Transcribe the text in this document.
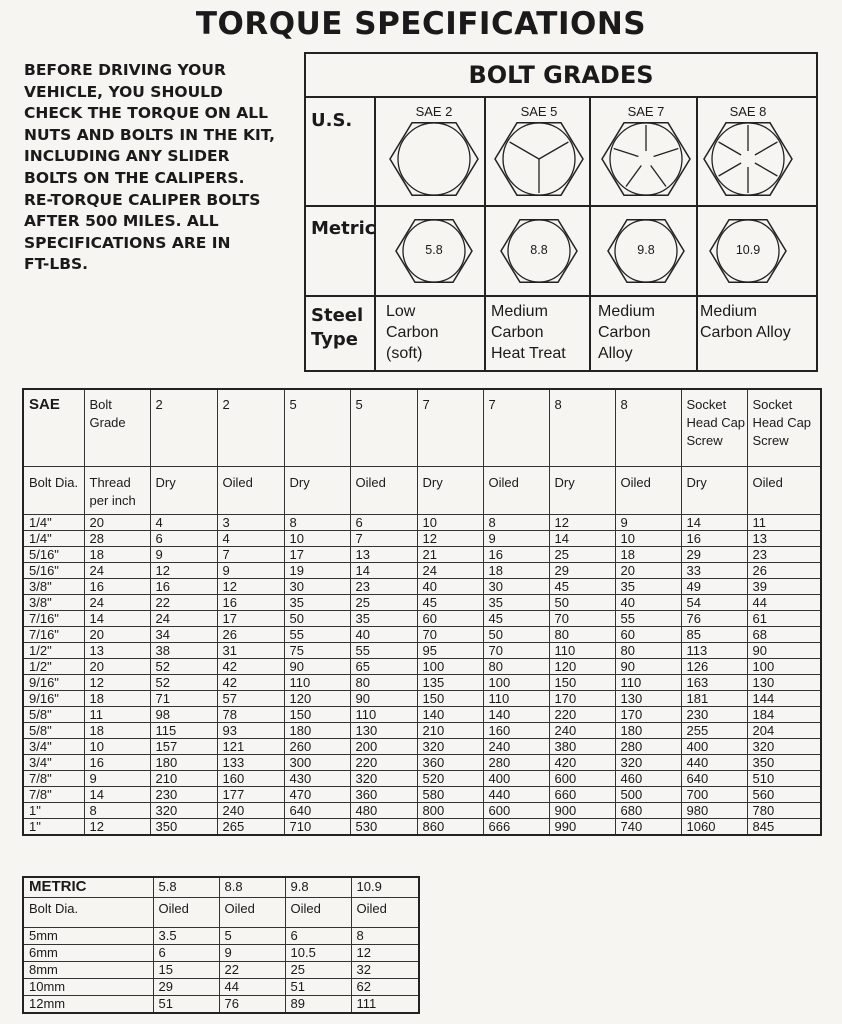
TORQUE SPECIFICATIONS
BEFORE DRIVING YOUR
VEHICLE, YOU SHOULD
CHECK THE TORQUE ON ALL
NUTS AND BOLTS IN THE KIT,
INCLUDING ANY SLIDER
BOLTS ON THE CALIPERS.
RE-TORQUE CALIPER BOLTS
AFTER 500 MILES. ALL
SPECIFICATIONS ARE IN
FT-LBS.
BOLT GRADES
U.S.
Metric
Steel
Type
SAE 2
5.8
Low
Carbon
(soft)
SAE 5
8.8
Medium
Carbon
Heat Treat
SAE 7
9.8
Medium
Carbon
Alloy
SAE 8
10.9
Medium
Carbon Alloy
SAE	Bolt Grade	2	2	5	5	7	7	8	8	Socket Head Cap Screw	Socket Head Cap Screw
Bolt Dia.	Thread per inch	Dry	Oiled	Dry	Oiled	Dry	Oiled	Dry	Oiled	Dry	Oiled
1/4"	20	4	3	8	6	10	8	12	9	14	11
1/4"	28	6	4	10	7	12	9	14	10	16	13
5/16"	18	9	7	17	13	21	16	25	18	29	23
5/16"	24	12	9	19	14	24	18	29	20	33	26
3/8"	16	16	12	30	23	40	30	45	35	49	39
3/8"	24	22	16	35	25	45	35	50	40	54	44
7/16"	14	24	17	50	35	60	45	70	55	76	61
7/16"	20	34	26	55	40	70	50	80	60	85	68
1/2"	13	38	31	75	55	95	70	110	80	113	90
1/2"	20	52	42	90	65	100	80	120	90	126	100
9/16"	12	52	42	110	80	135	100	150	110	163	130
9/16"	18	71	57	120	90	150	110	170	130	181	144
5/8"	11	98	78	150	110	140	140	220	170	230	184
5/8"	18	115	93	180	130	210	160	240	180	255	204
3/4"	10	157	121	260	200	320	240	380	280	400	320
3/4"	16	180	133	300	220	360	280	420	320	440	350
7/8"	9	210	160	430	320	520	400	600	460	640	510
7/8"	14	230	177	470	360	580	440	660	500	700	560
1"	8	320	240	640	480	800	600	900	680	980	780
1"	12	350	265	710	530	860	666	990	740	1060	845
METRIC	5.8	8.8	9.8	10.9
Bolt Dia.	Oiled	Oiled	Oiled	Oiled
5mm	3.5	5	6	8
6mm	6	9	10.5	12
8mm	15	22	25	32
10mm	29	44	51	62
12mm	51	76	89	111
